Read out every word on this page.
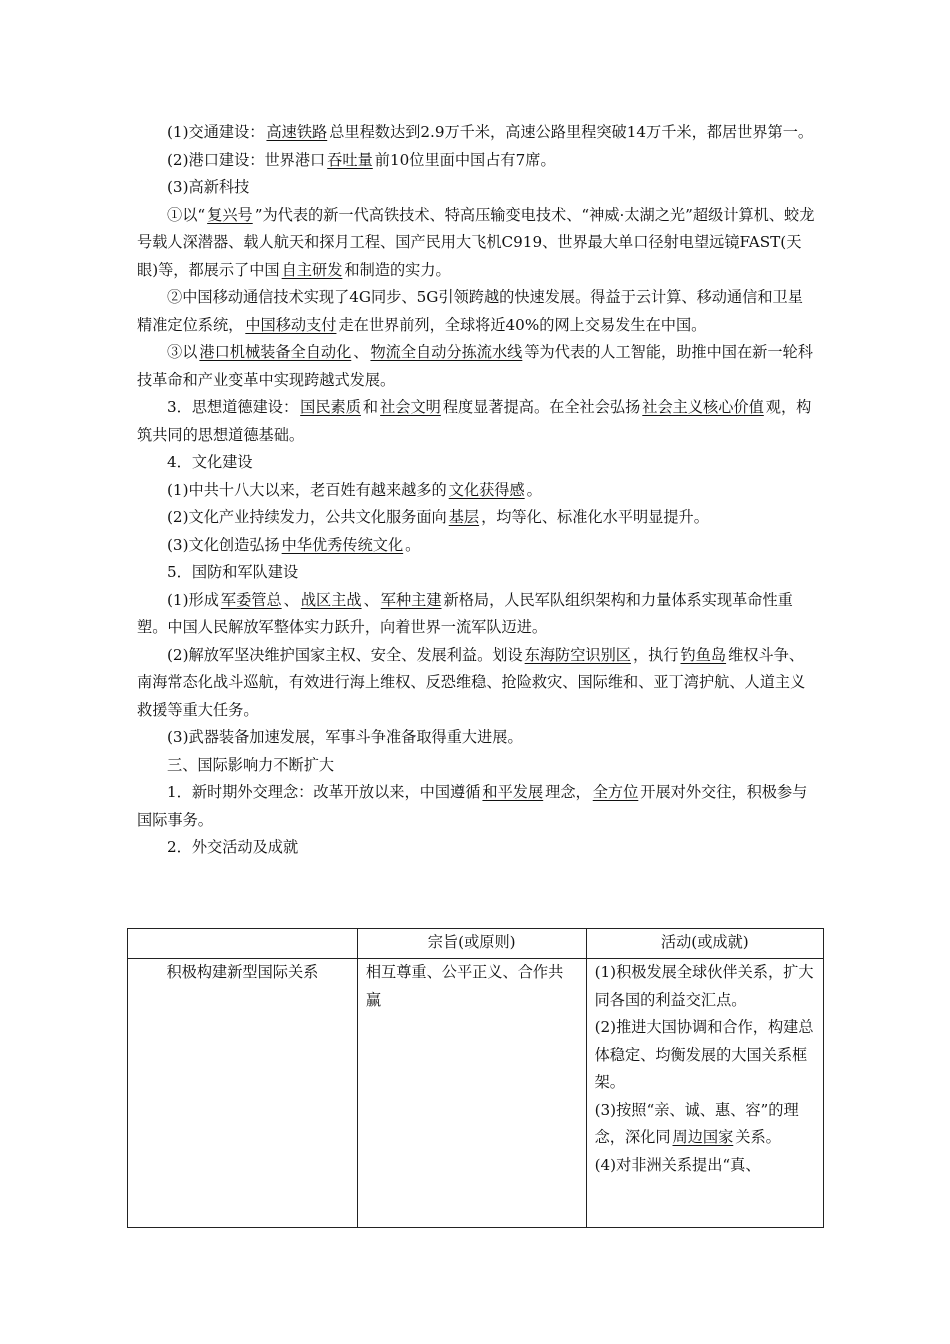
(1)交通建设： 高速铁路 总里程数达到2.9万千米，高速公路里程突破14万千米，都居世界第一。

(2)港口建设：世界港口 吞吐量 前10位里面中国占有7席。

(3)高新科技

①以“ 复兴号 ”为代表的新一代高铁技术、特高压输变电技术、“神威·太湖之光”超级计算机、蛟龙号载人深潜器、载人航天和探月工程、国产民用大飞机C919、世界最大单口径射电望远镜FAST(天眼)等，都展示了中国 自主研发 和制造的实力。

②中国移动通信技术实现了4G同步、5G引领跨越的快速发展。得益于云计算、移动通信和卫星精准定位系统， 中国移动支付 走在世界前列，全球将近40%的网上交易发生在中国。

③以 港口机械装备全自动化 、 物流全自动分拣流水线 等为代表的人工智能，助推中国在新一轮科技革命和产业变革中实现跨越式发展。

3．思想道德建设： 国民素质 和 社会文明 程度显著提高。在全社会弘扬 社会主义核心价值 观，构筑共同的思想道德基础。

4．文化建设

(1)中共十八大以来，老百姓有越来越多的 文化获得感 。

(2)文化产业持续发力，公共文化服务面向 基层 ，均等化、标准化水平明显提升。

(3)文化创造弘扬 中华优秀传统文化 。

5．国防和军队建设

(1)形成 军委管总 、 战区主战 、 军种主建 新格局，人民军队组织架构和力量体系实现革命性重塑。中国人民解放军整体实力跃升，向着世界一流军队迈进。

(2)解放军坚决维护国家主权、安全、发展利益。划设 东海防空识别区 ，执行 钓鱼岛 维权斗争、南海常态化战斗巡航，有效进行海上维权、反恐维稳、抢险救灾、国际维和、亚丁湾护航、人道主义救援等重大任务。

(3)武器装备加速发展，军事斗争准备取得重大进展。

三、国际影响力不断扩大

1．新时期外交理念：改革开放以来，中国遵循 和平发展 理念， 全方位 开展对外交往，积极参与国际事务。

2．外交活动及成就

	宗旨(或原则)	活动(或成就)
积极构建新型国际关系	相互尊重、公平正义、合作共赢	(1)积极发展全球伙伴关系，扩大同各国的利益交汇点。
(2)推进大国协调和合作，构建总体稳定、均衡发展的大国关系框架。
(3)按照“亲、诚、惠、容”的理念，深化同 周边国家 关系。
(4)对非洲关系提出“真、
